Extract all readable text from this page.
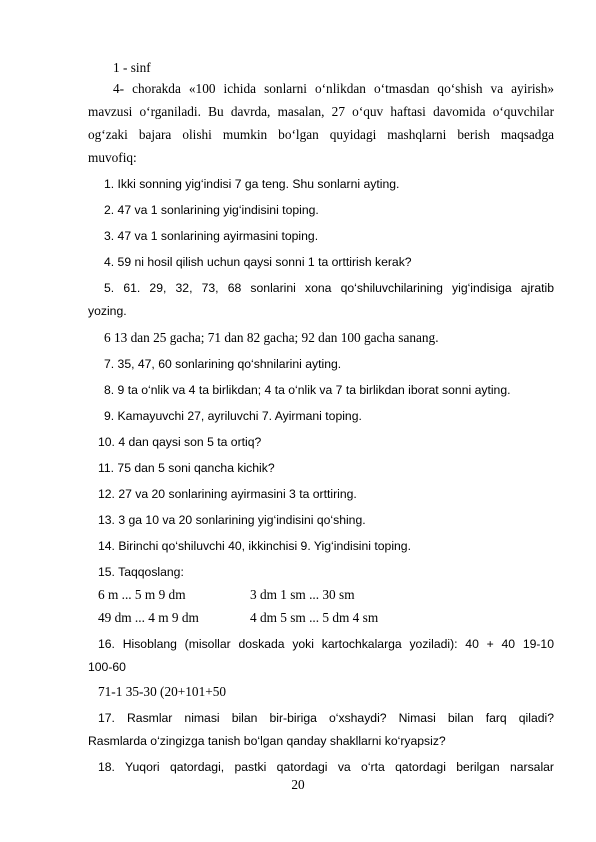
1 - sinf
4- chorakda «100 ichida sonlarni o‘nlikdan o‘tmasdan qo‘shish va ayirish»
mavzusi o‘rganiladi. Bu davrda, masalan, 27 o‘quv haftasi davomida o‘quvchilar
og‘zaki bajara olishi mumkin bo‘lgan quyidagi mashqlarni berish maqsadga
muvofiq:
1. Ikki sonning yig‘indisi 7 ga teng. Shu sonlarni ayting.
2. 47 va 1 sonlarining yig‘indisini toping.
3. 47 va 1 sonlarining ayirmasini toping.
4. 59 ni hosil qilish uchun qaysi sonni 1 ta orttirish kerak?
5. 61. 29, 32, 73, 68 sonlarini xona qo‘shiluvchilarining yig‘indisiga ajratib
yozing.
6 13 dan 25 gacha; 71 dan 82 gacha; 92 dan 100 gacha sanang.
7. 35, 47, 60 sonlarining qo‘shnilarini ayting.
8. 9 ta o‘nlik va 4 ta birlikdan; 4 ta o‘nlik va 7 ta birlikdan iborat sonni ayting.
9. Kamayuvchi 27, ayriluvchi 7. Ayirmani toping.
10. 4 dan qaysi son 5 ta ortiq?
11. 75 dan 5 soni qancha kichik?
12. 27 va 20 sonlarining ayirmasini 3 ta orttiring.
13. 3 ga 10 va 20 sonlarining yig‘indisini qo‘shing.
14. Birinchi qo‘shiluvchi 40, ikkinchisi 9. Yig‘indisini toping.
15. Taqqoslang:
6 m ... 5 m 9 dm	3 dm 1 sm ... 30 sm
49 dm ... 4 m 9 dm	4 dm 5 sm ... 5 dm 4 sm
16. Hisoblang (misollar doskada yoki kartochkalarga yoziladi): 40 + 40 19-10
100-60
71-1 35-30 (20+101+50
17. Rasmlar nimasi bilan bir-biriga o‘xshaydi? Nimasi bilan farq qiladi?
Rasmlarda o‘zingizga tanish bo‘lgan qanday shakllarni ko‘ryapsiz?
18. Yuqori qatordagi, pastki qatordagi va o‘rta qatordagi berilgan narsalar
20
